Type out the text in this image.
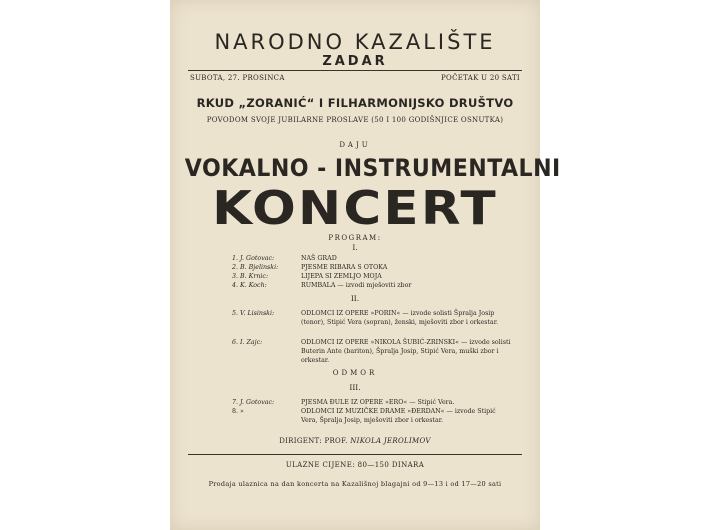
NARODNO KAZALIŠTE
ZADAR
SUBOTA, 27. PROSINCA	POČETAK U 20 SATI
RKUD „ZORANIĆ“ I FILHARMONIJSKO DRUŠTVO
POVODOM SVOJE JUBILARNE PROSLAVE (50 I 100 GODIŠNJICE OSNUTKA)
DAJU
VOKALNO - INSTRUMENTALNI
KONCERT
PROGRAM:
I.
1. J. Gotovac:	NAŠ GRAD
2. B. Bjelinski:	PJESME RIBARA S OTOKA
3. B. Krnic:	LIJEPA SI ZEMLJO MOJA
4. K. Koch:	RUMBALA — izvodi mješoviti zbor
II.
5. V. Lisinski:	ODLOMCI IZ OPERE »PORIN« — izvode solisti Špralja Josip (tenor), Stipić Vera (sopran), ženski, mješoviti zbor i orkestar.
6. I. Zajc:	ODLOMCI IZ OPERE »NIKOLA ŠUBIĆ-ZRINSKI« — izvode solisti Buterin Ante (bariton), Špralja Josip, Stipić Vera, muški zbor i orkestar.
ODMOR
III.
7. J. Gotovac:	PJESMA ĐULE IZ OPERE »ERO« — Stipić Vera.
8. »	ODLOMCI IZ MUZIČKE DRAME »ĐERDAN« — izvode Stipić Vera, Špralja Josip, mješoviti zbor i orkestar.
DIRIGENT: PROF. NIKOLA JEROLIMOV
ULAZNE CIJENE: 80—150 DINARA
Prodaja ulaznica na dan koncerta na Kazališnoj blagajni od 9—13 i od 17—20 sati
